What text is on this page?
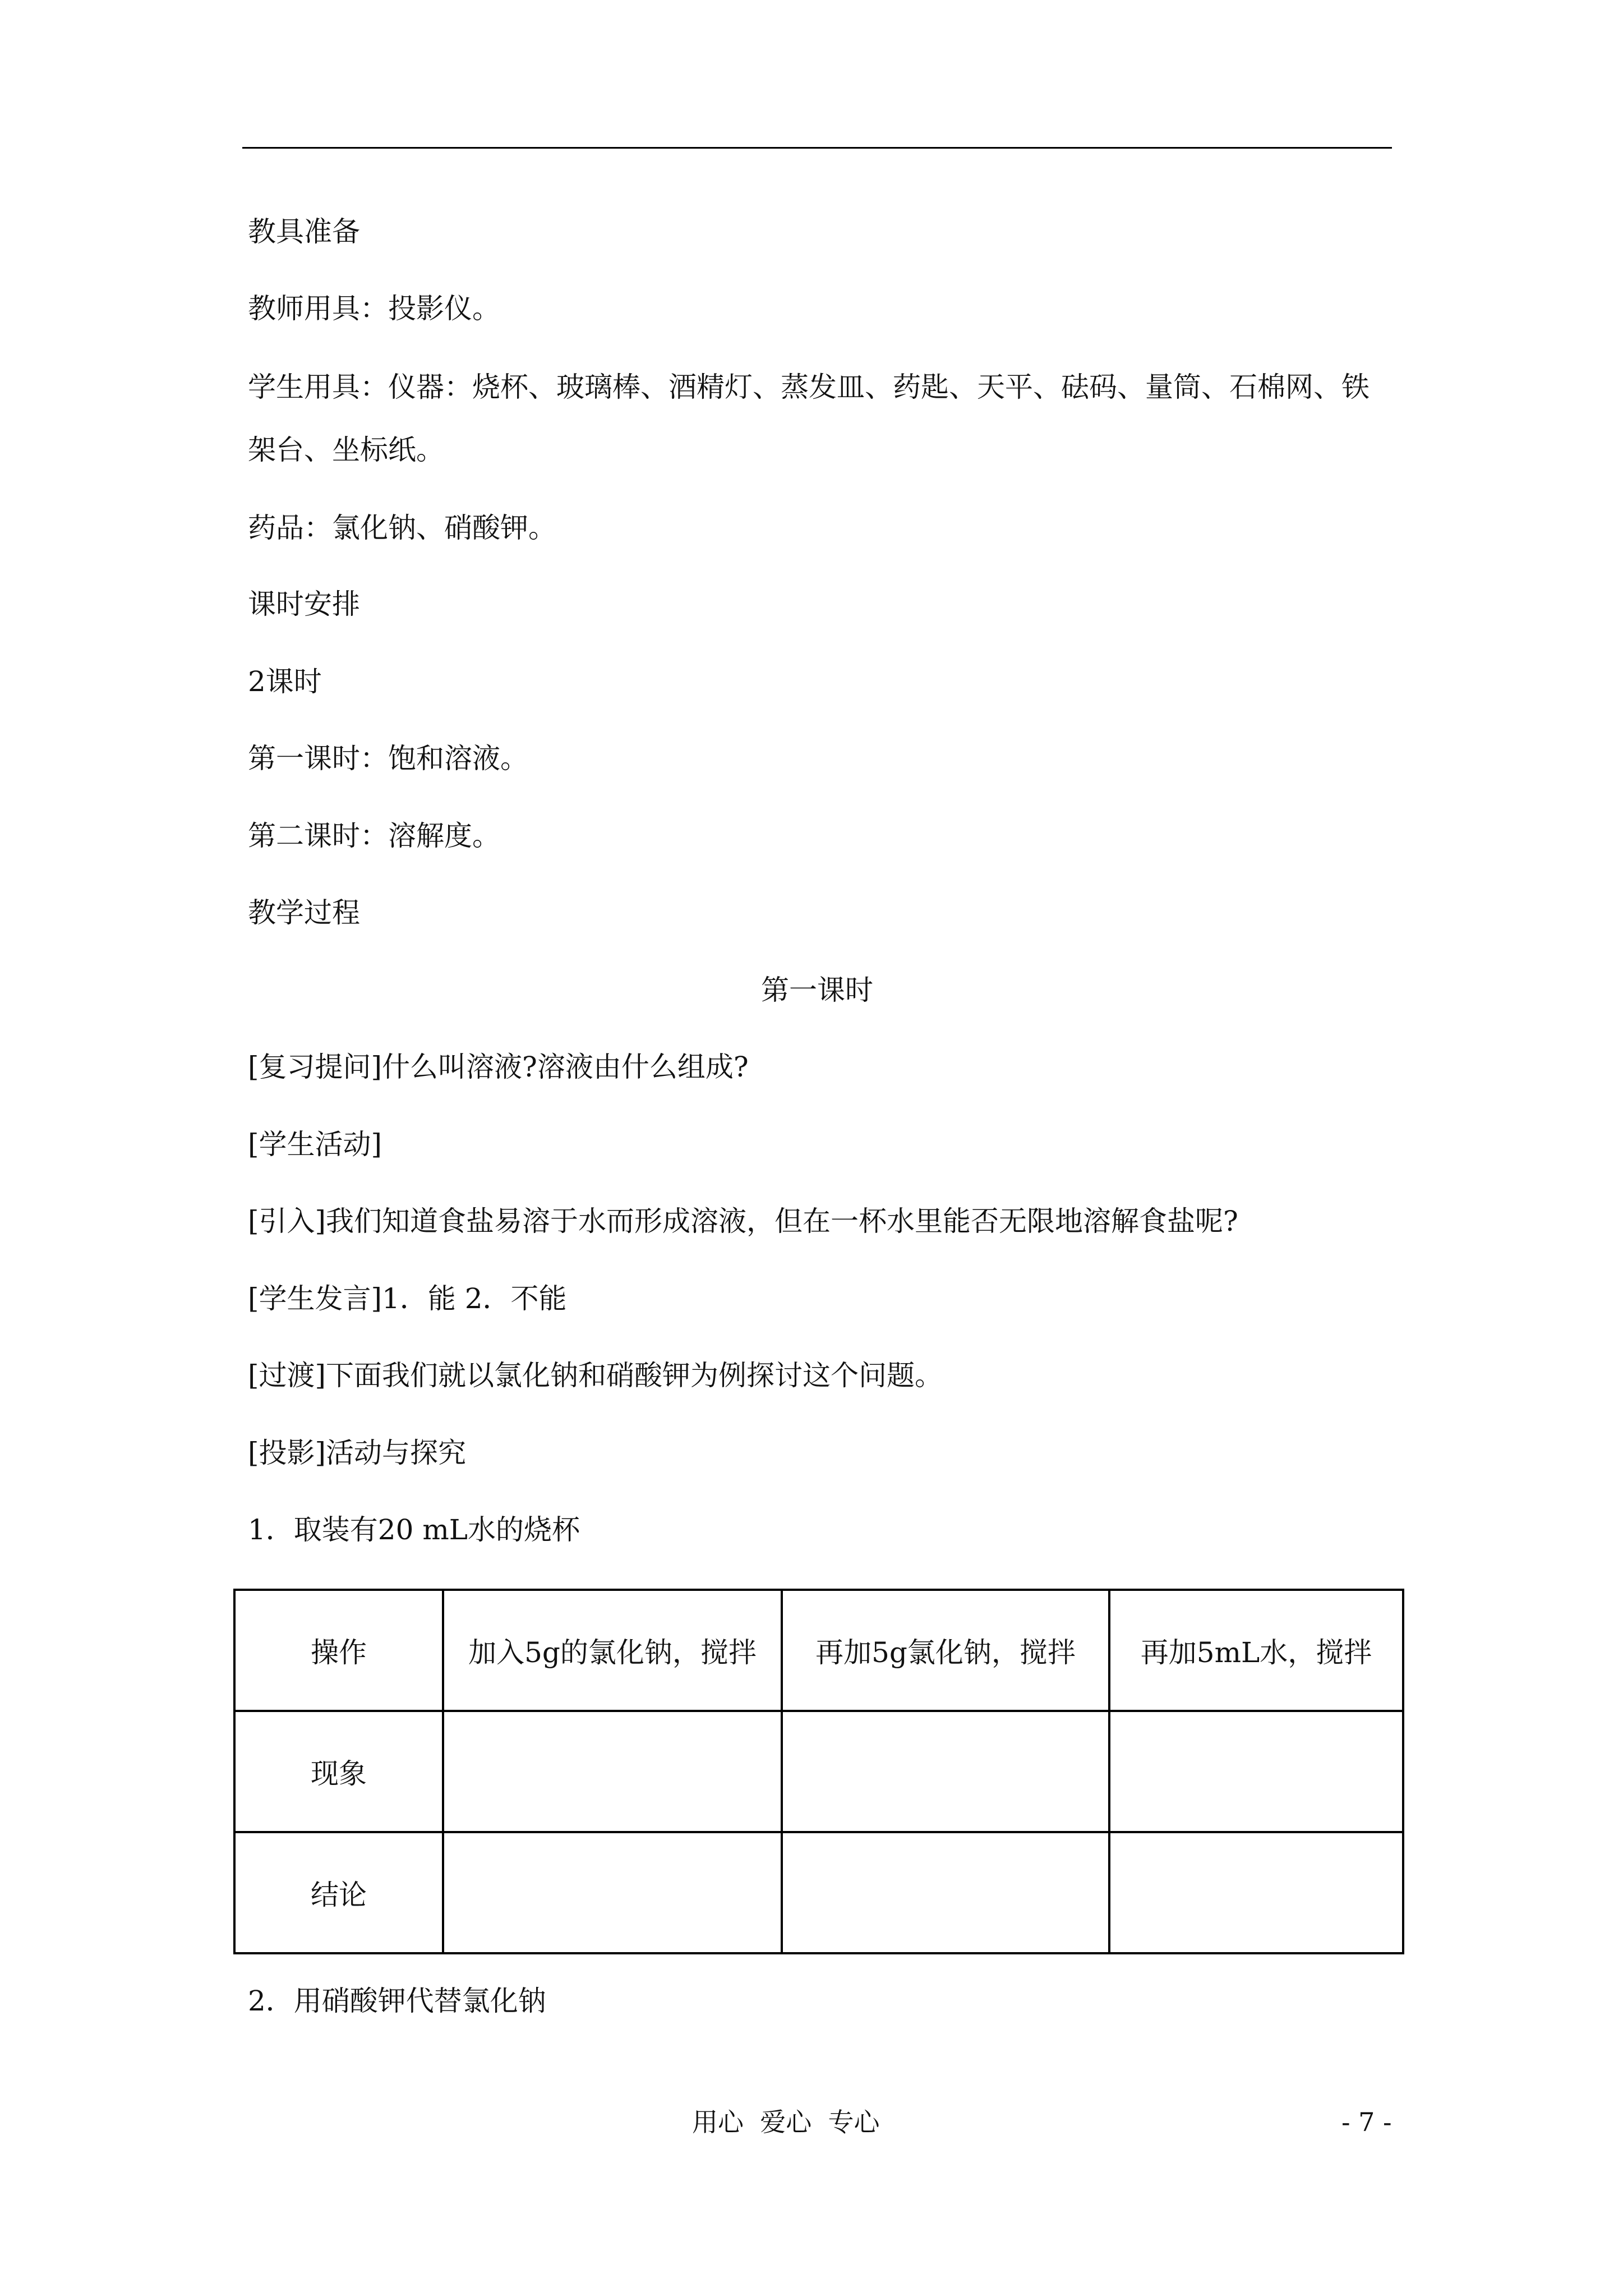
教具准备
教师用具：投影仪。
学生用具：仪器：烧杯、玻璃棒、酒精灯、蒸发皿、药匙、天平、砝码、量筒、石棉网、铁
架台、坐标纸。
药品：氯化钠、硝酸钾。
课时安排
2课时
第一课时：饱和溶液。
第二课时：溶解度。
教学过程
第一课时
[复习提问]什么叫溶液?溶液由什么组成?
[学生活动]
[引入]我们知道食盐易溶于水而形成溶液，但在一杯水里能否无限地溶解食盐呢?
[学生发言]1．能 2．不能
[过渡]下面我们就以氯化钠和硝酸钾为例探讨这个问题。
[投影]活动与探究
1．取装有20 mL水的烧杯
操作	加入5g的氯化钠，搅拌	再加5g氯化钠，搅拌	再加5mL水，搅拌
现象			
结论			
2．用硝酸钾代替氯化钠
用心  爱心  专心	- 7 -
